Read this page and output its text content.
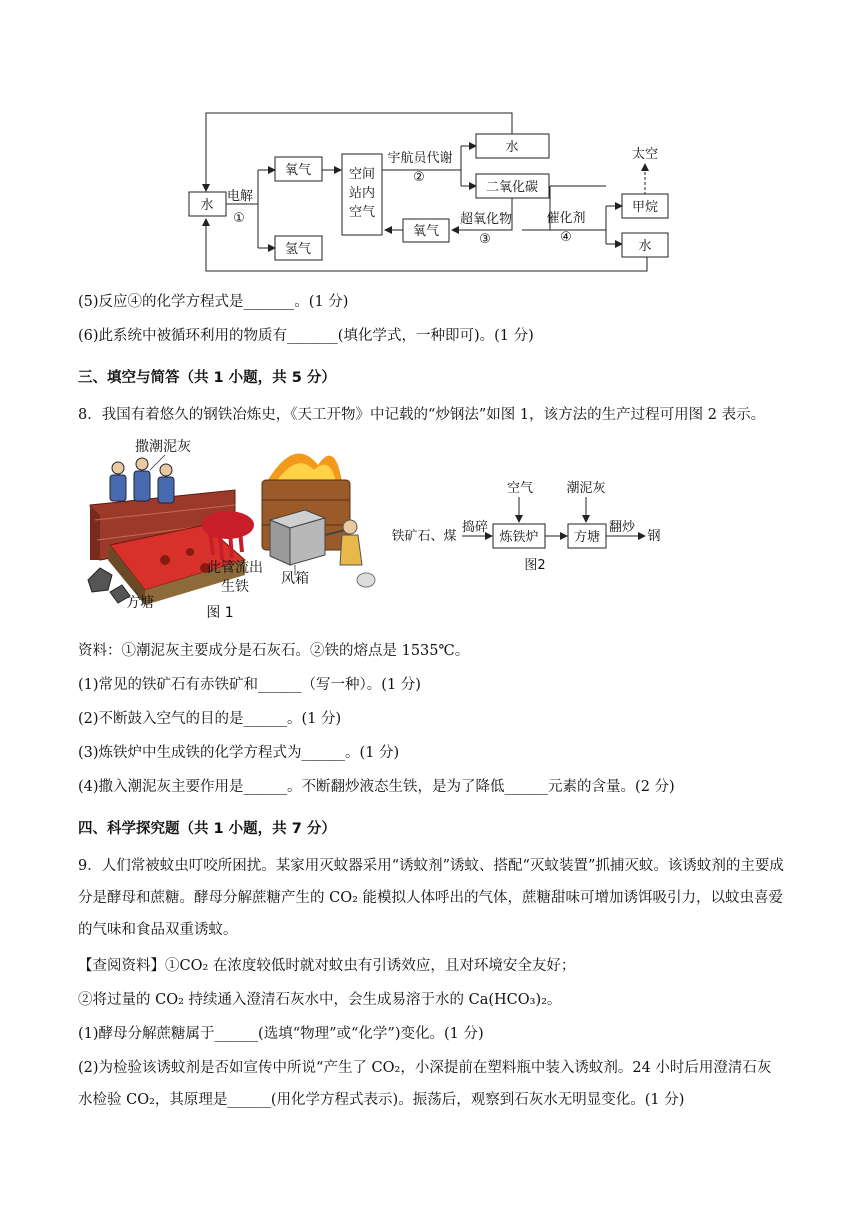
水
电解
①
氧气
氢气
空间
站内
空气
宇航员代谢
②
水
二氧化碳
超氧化物
③
氧气
催化剂
④
太空
甲烷
水
(5)反应④的化学方程式是_______。(1 分)
(6)此系统中被循环利用的物质有_______(填化学式，一种即可)。(1 分)
三、填空与简答（共 1 小题，共 5 分）
8．我国有着悠久的钢铁冶炼史，《天工开物》中记载的“炒钢法”如图 1，该方法的生产过程可用图 2 表示。
撒潮泥灰
此管流出
生铁
方塘
风箱
图 1
空气	潮泥灰
铁矿石、煤
捣碎
炼铁炉	方塘
翻炒
钢
图2
资料：①潮泥灰主要成分是石灰石。②铁的熔点是 1535℃。
(1)常见的铁矿石有赤铁矿和______（写一种）。(1 分)
(2)不断鼓入空气的目的是______。(1 分)
(3)炼铁炉中生成铁的化学方程式为______。(1 分)
(4)撒入潮泥灰主要作用是______。不断翻炒液态生铁，是为了降低______元素的含量。(2 分)
四、科学探究题（共 1 小题，共 7 分）
9．人们常被蚊虫叮咬所困扰。某家用灭蚊器采用“诱蚊剂”诱蚊、搭配“灭蚊装置”抓捕灭蚊。该诱蚊剂的主要成分是酵母和蔗糖。酵母分解蔗糖产生的 CO₂ 能模拟人体呼出的气体，蔗糖甜味可增加诱饵吸引力，以蚊虫喜爱的气味和食品双重诱蚊。
【查阅资料】①CO₂ 在浓度较低时就对蚊虫有引诱效应，且对环境安全友好；
②将过量的 CO₂ 持续通入澄清石灰水中，会生成易溶于水的 Ca(HCO₃)₂。
(1)酵母分解蔗糖属于______(选填“物理”或“化学”)变化。(1 分)
(2)为检验该诱蚊剂是否如宣传中所说“产生了 CO₂，小深提前在塑料瓶中装入诱蚊剂。24 小时后用澄清石灰水检验 CO₂，其原理是______(用化学方程式表示)。振荡后，观察到石灰水无明显变化。(1 分)
